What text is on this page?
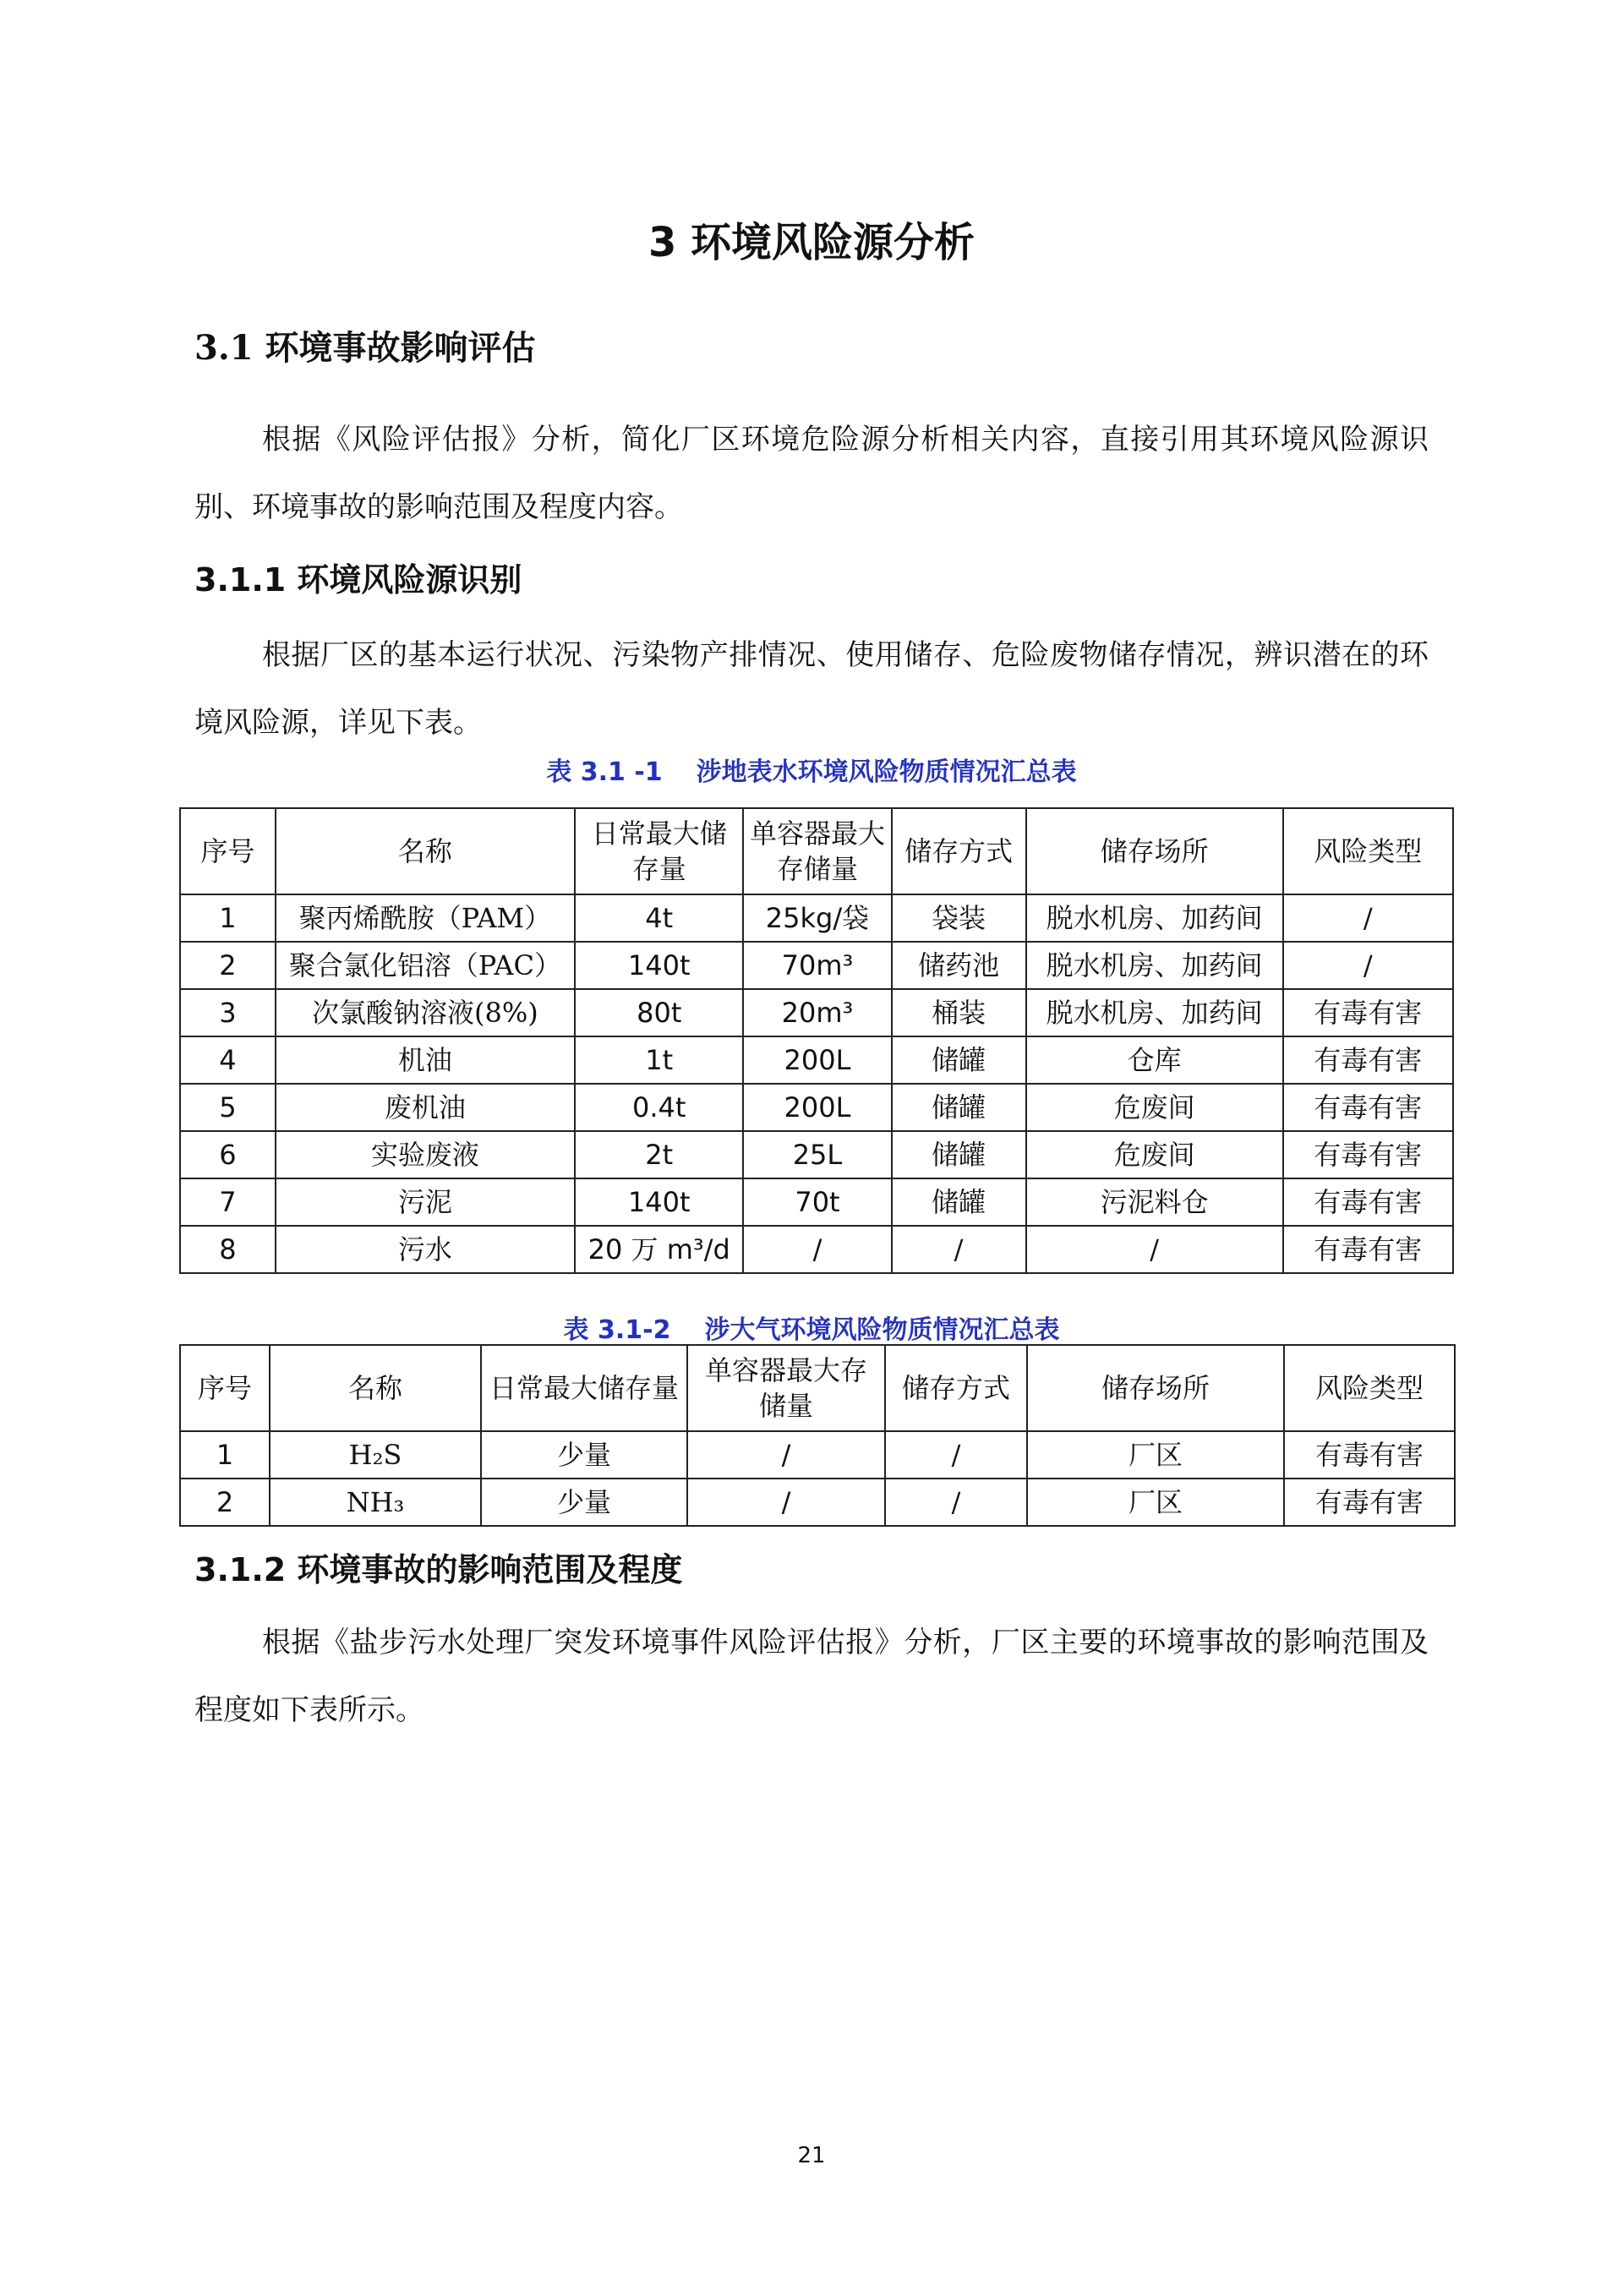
3 环境风险源分析
3.1 环境事故影响评估

根据《风险评估报》分析，简化厂区环境危险源分析相关内容，直接引用其环境风险源识别、环境事故的影响范围及程度内容。

3.1.1 环境风险源识别

根据厂区的基本运行状况、污染物产排情况、使用储存、危险废物储存情况，辨识潜在的环境风险源，详见下表。

表 3.1 -1 涉地表水环境风险物质情况汇总表

序号	名称	日常最大储存量	单容器最大存储量	储存方式	储存场所	风险类型
1	聚丙烯酰胺（PAM）	4t	25kg/袋	袋装	脱水机房、加药间	/
2	聚合氯化铝溶（PAC）	140t	70m³	储药池	脱水机房、加药间	/
3	次氯酸钠溶液(8%)	80t	20m³	桶装	脱水机房、加药间	有毒有害
4	机油	1t	200L	储罐	仓库	有毒有害
5	废机油	0.4t	200L	储罐	危废间	有毒有害
6	实验废液	2t	25L	储罐	危废间	有毒有害
7	污泥	140t	70t	储罐	污泥料仓	有毒有害
8	污水	20 万 m³/d	/	/	/	有毒有害

表 3.1-2 涉大气环境风险物质情况汇总表

序号	名称	日常最大储存量	单容器最大存储量	储存方式	储存场所	风险类型
1	H₂S	少量	/	/	厂区	有毒有害
2	NH₃	少量	/	/	厂区	有毒有害
3.1.2 环境事故的影响范围及程度

根据《盐步污水处理厂突发环境事件风险评估报》分析，厂区主要的环境事故的影响范围及程度如下表所示。

21
